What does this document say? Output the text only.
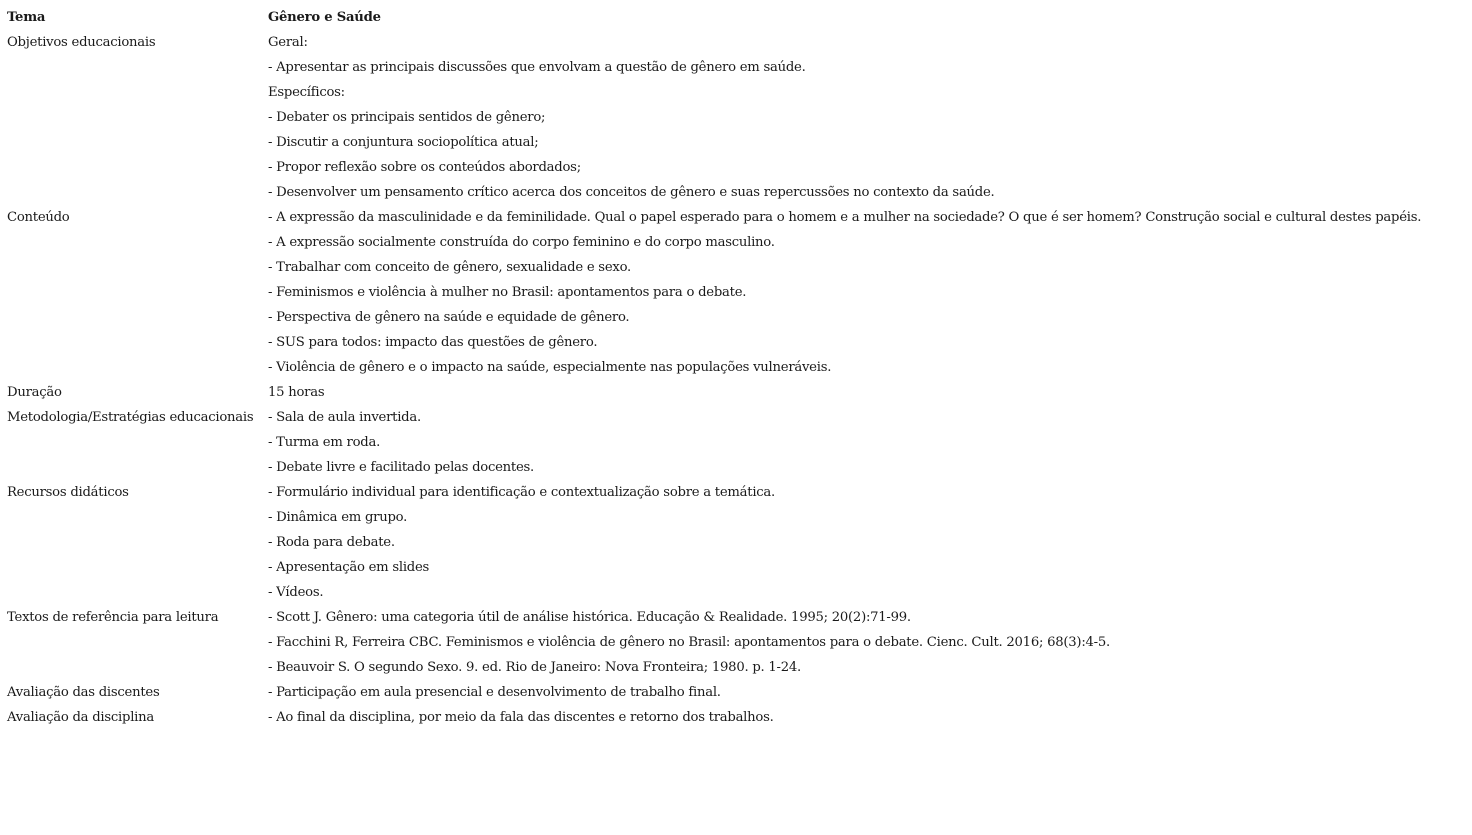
Tema	Gênero e Saúde
Objetivos educacionais	Geral:
	- Apresentar as principais discussões que envolvam a questão de gênero em saúde.
	Específicos:
	- Debater os principais sentidos de gênero;
	- Discutir a conjuntura sociopolítica atual;
	- Propor reflexão sobre os conteúdos abordados;
	- Desenvolver um pensamento crítico acerca dos conceitos de gênero e suas repercussões no contexto da saúde.
Conteúdo	- A expressão da masculinidade e da feminilidade. Qual o papel esperado para o homem e a mulher na sociedade? O que é ser homem? Construção social e cultural destes papéis.
	- A expressão socialmente construída do corpo feminino e do corpo masculino.
	- Trabalhar com conceito de gênero, sexualidade e sexo.
	- Feminismos e violência à mulher no Brasil: apontamentos para o debate.
	- Perspectiva de gênero na saúde e equidade de gênero.
	- SUS para todos: impacto das questões de gênero.
	- Violência de gênero e o impacto na saúde, especialmente nas populações vulneráveis.
Duração	15 horas
Metodologia/Estratégias educacionais	- Sala de aula invertida.
	- Turma em roda.
	- Debate livre e facilitado pelas docentes.
Recursos didáticos	- Formulário individual para identificação e contextualização sobre a temática.
	- Dinâmica em grupo.
	- Roda para debate.
	- Apresentação em slides
	- Vídeos.
Textos de referência para leitura	- Scott J. Gênero: uma categoria útil de análise histórica. Educação & Realidade. 1995; 20(2):71-99.
	- Facchini R, Ferreira CBC. Feminismos e violência de gênero no Brasil: apontamentos para o debate. Cienc. Cult. 2016; 68(3):4-5.
	- Beauvoir S. O segundo Sexo. 9. ed. Rio de Janeiro: Nova Fronteira; 1980. p. 1-24.
Avaliação das discentes	- Participação em aula presencial e desenvolvimento de trabalho final.
Avaliação da disciplina	- Ao final da disciplina, por meio da fala das discentes e retorno dos trabalhos.
